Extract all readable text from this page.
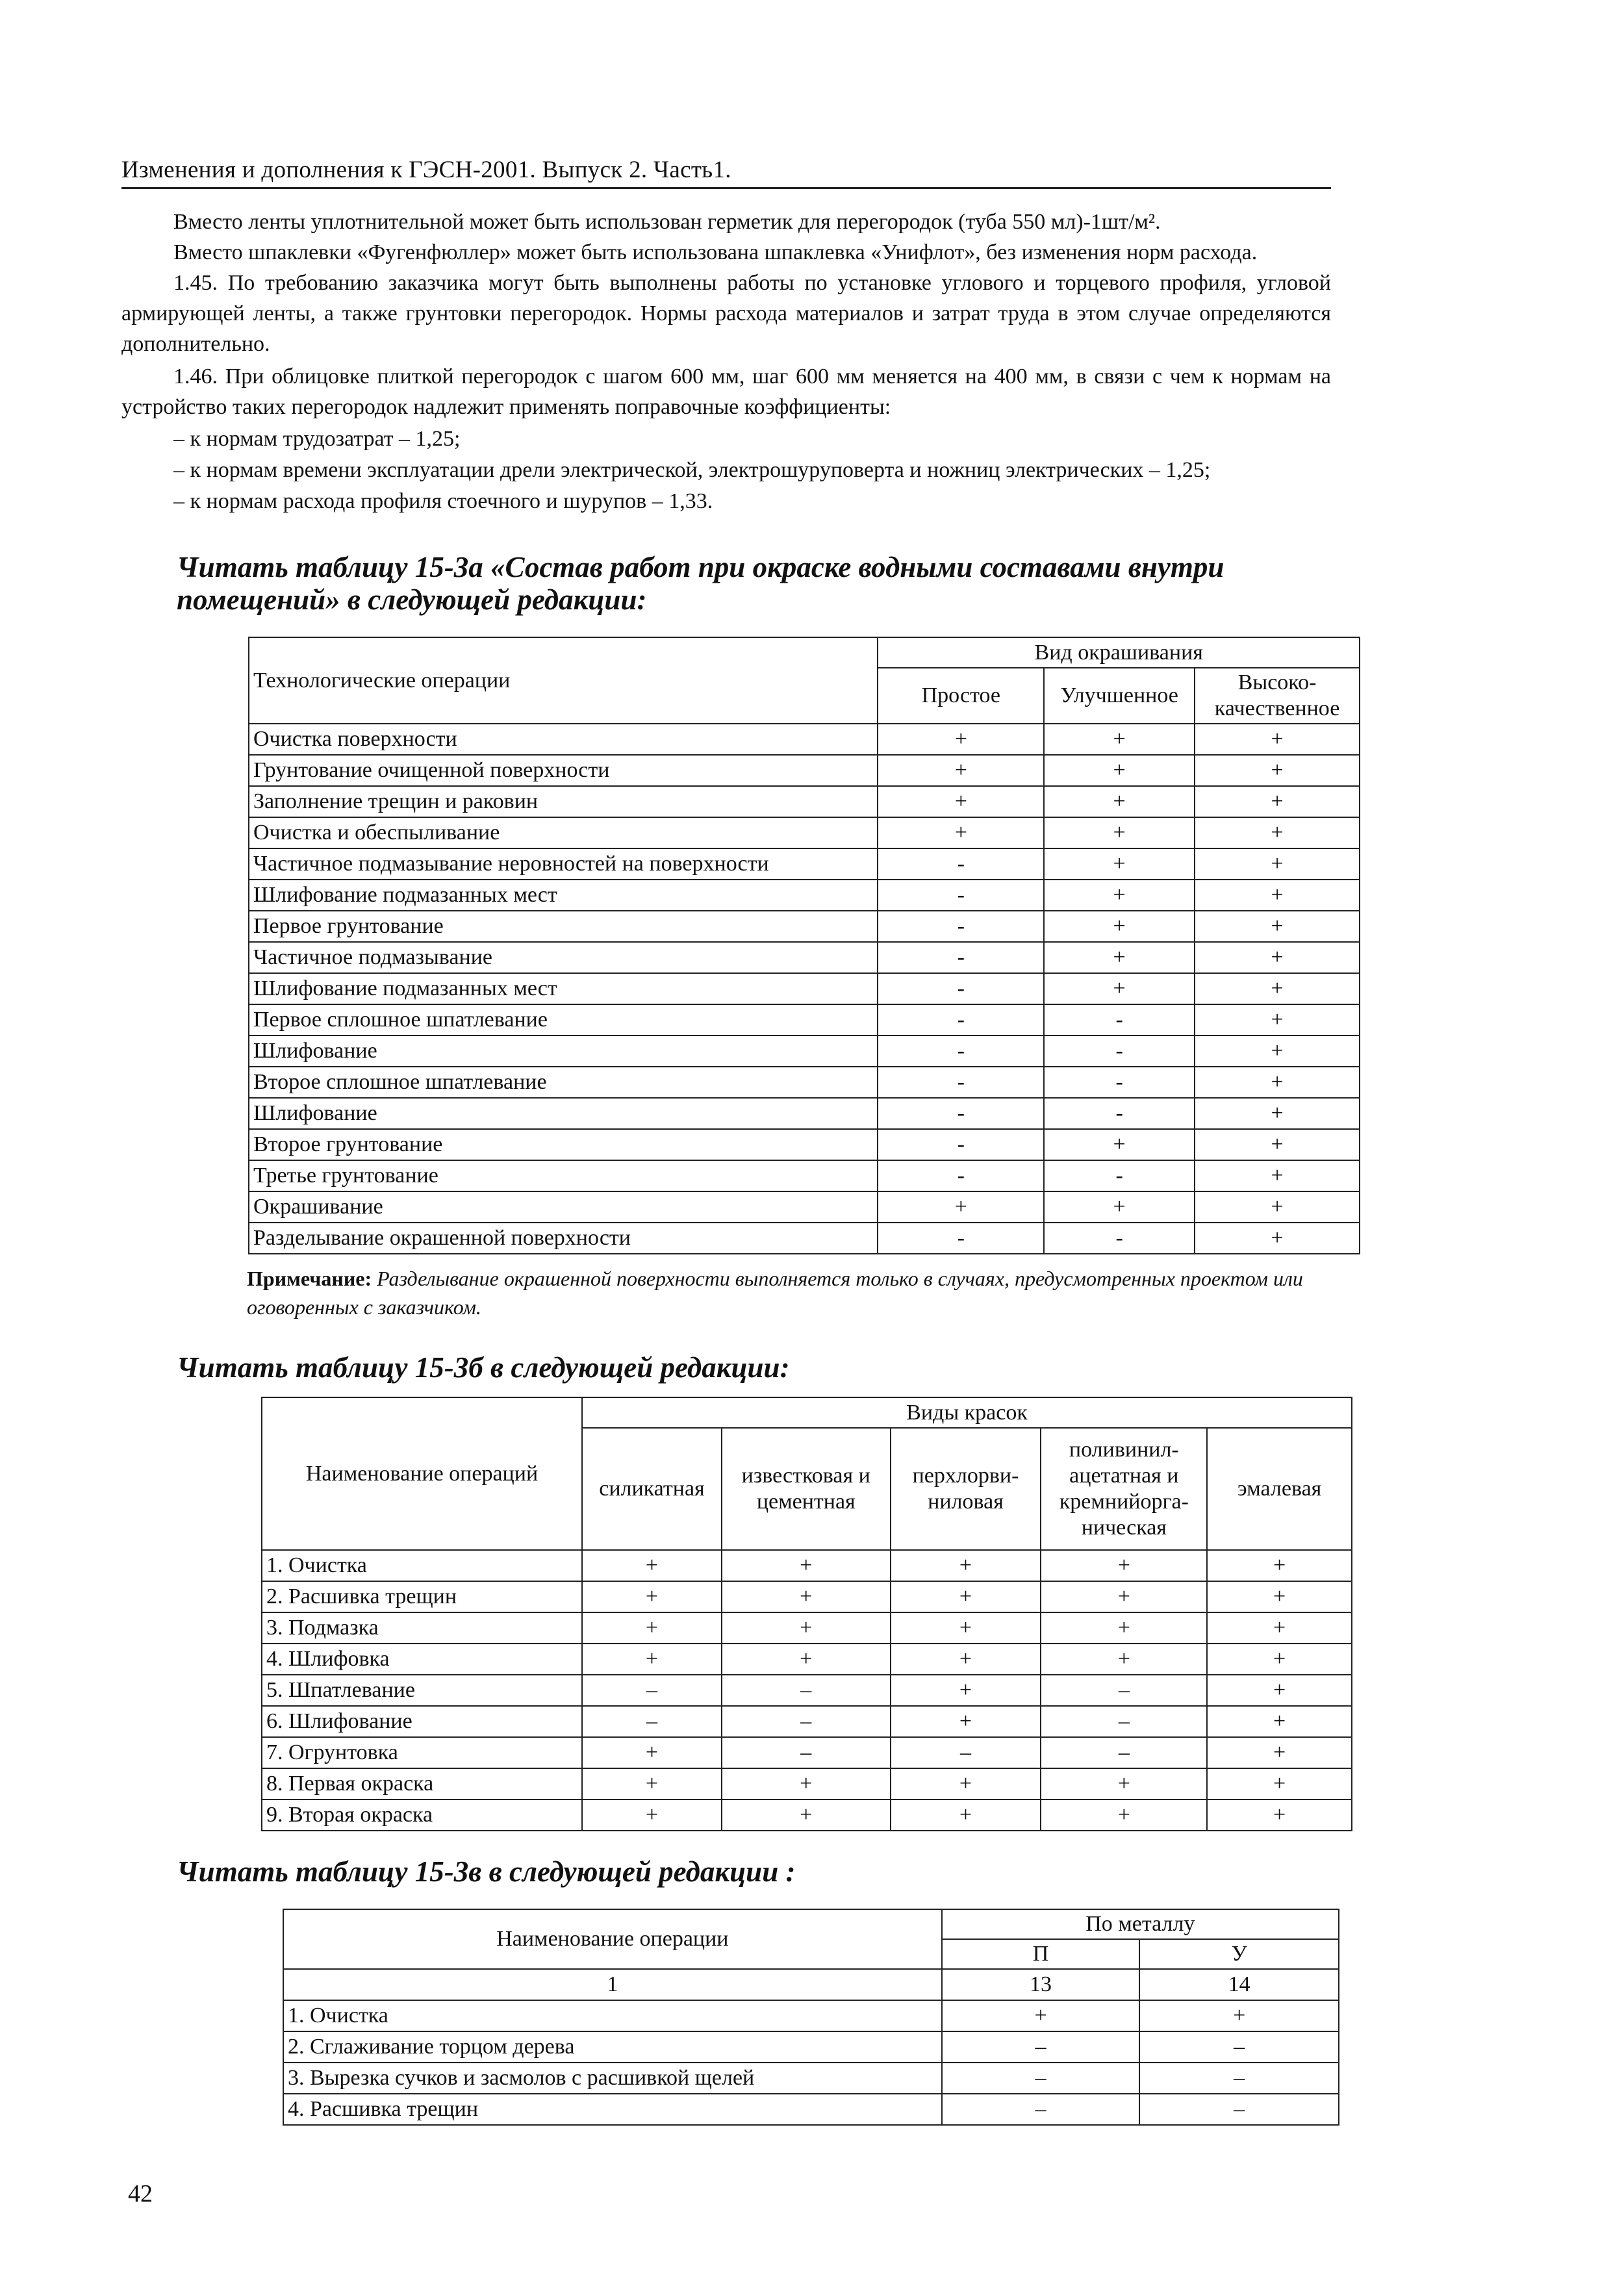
Изменения и дополнения к ГЭСН-2001. Выпуск 2. Часть1.
Вместо ленты уплотнительной может быть использован герметик для перегородок (туба 550 мл)-1шт/м².
Вместо шпаклевки «Фугенфюллер» может быть использована шпаклевка «Унифлот», без изменения норм расхода.
1.45. По требованию заказчика могут быть выполнены работы по установке углового и торцевого профиля, угловой армирующей ленты, а также грунтовки перегородок. Нормы расхода материалов и затрат труда в этом случае определяются дополнительно.
1.46. При облицовке плиткой перегородок с шагом 600 мм, шаг 600 мм меняется на 400 мм, в связи с чем к нормам на устройство таких перегородок надлежит применять поправочные коэффициенты:
– к нормам трудозатрат – 1,25;
– к нормам времени эксплуатации дрели электрической, электрошуруповерта и ножниц электрических – 1,25;
– к нормам расхода профиля стоечного и шурупов – 1,33.
Читать таблицу 15-3а «Состав работ при окраске водными составами внутри помещений» в следующей редакции:
Технологические операции	Вид окрашивания		
	Простое	Улучшенное	Высоко-качественное
Очистка поверхности	+	+	+
Грунтование очищенной поверхности	+	+	+
Заполнение трещин и раковин	+	+	+
Очистка и обеспыливание	+	+	+
Частичное подмазывание неровностей на поверхности	-	+	+
Шлифование подмазанных мест	-	+	+
Первое грунтование	-	+	+
Частичное подмазывание	-	+	+
Шлифование подмазанных мест	-	+	+
Первое сплошное шпатлевание	-	-	+
Шлифование	-	-	+
Второе сплошное шпатлевание	-	-	+
Шлифование	-	-	+
Второе грунтование	-	+	+
Третье грунтование	-	-	+
Окрашивание	+	+	+
Разделывание окрашенной поверхности	-	-	+
Примечание: Разделывание окрашенной поверхности выполняется только в случаях, предусмотренных проектом или оговоренных с заказчиком.
Читать таблицу 15-3б в следующей редакции:
Наименование операций	Виды красок				
	силикатная	известковая и цементная	перхлорви-ниловая	поливинил-ацетатная и кремнийорга-ническая	эмалевая
1. Очистка	+	+	+	+	+
2. Расшивка трещин	+	+	+	+	+
3. Подмазка	+	+	+	+	+
4. Шлифовка	+	+	+	+	+
5. Шпатлевание	–	–	+	–	+
6. Шлифование	–	–	+	–	+
7. Огрунтовка	+	–	–	–	+
8. Первая окраска	+	+	+	+	+
9. Вторая окраска	+	+	+	+	+
Читать таблицу 15-3в в следующей редакции :
Наименование операции	По металлу	
	П	У
1	13	14
1. Очистка	+	+
2. Сглаживание торцом дерева	–	–
3. Вырезка сучков и засмолов с расшивкой щелей	–	–
4. Расшивка трещин	–	–
42
